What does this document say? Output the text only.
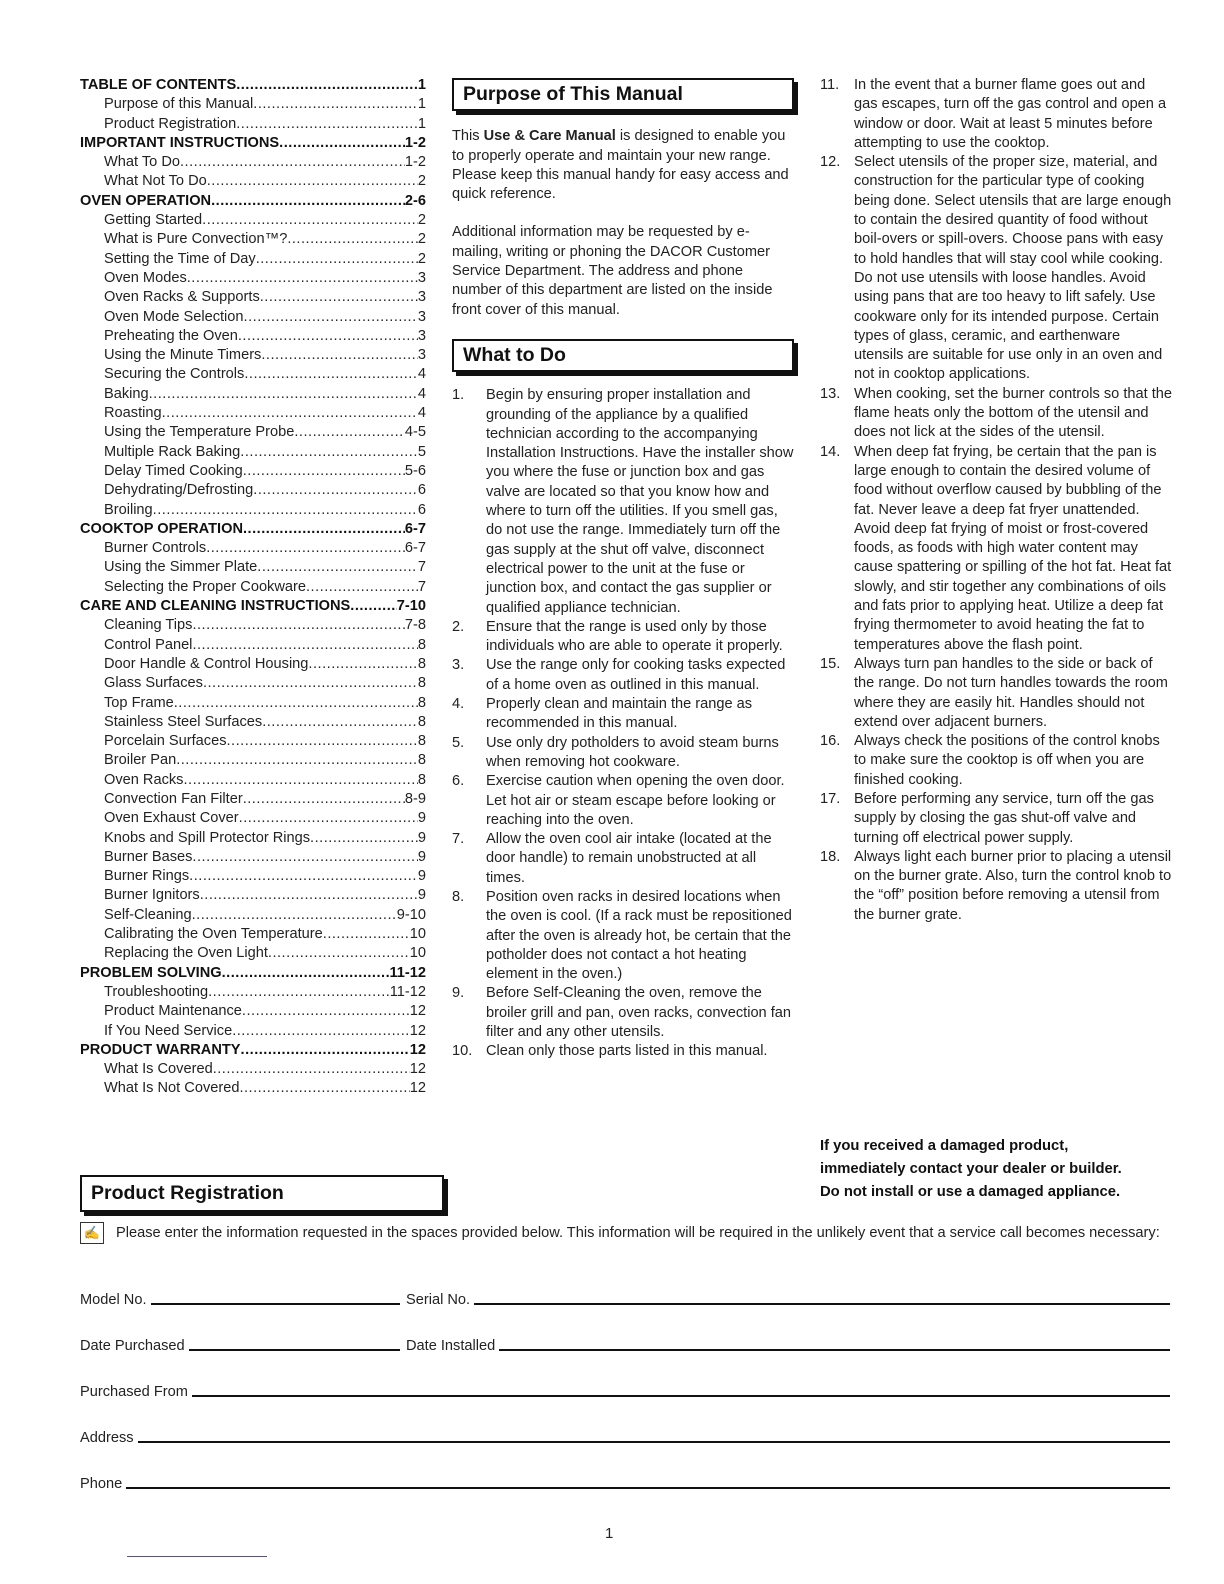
TABLE OF CONTENTS .....	1
Purpose of this Manual .....	1
Product Registration .....	1
IMPORTANT INSTRUCTIONS .....	1-2
What To Do .....	1-2
What Not To Do .....	2
OVEN OPERATION .....	2-6
Getting Started .....	2
What is Pure Convection™? .....	2
Setting the Time of Day .....	2
Oven Modes .....	3
Oven Racks & Supports .....	3
Oven Mode Selection .....	3
Preheating the Oven .....	3
Using the Minute Timers .....	3
Securing the Controls .....	4
Baking .....	4
Roasting .....	4
Using the Temperature Probe .....	4-5
Multiple Rack Baking .....	5
Delay Timed Cooking .....	5-6
Dehydrating/Defrosting .....	6
Broiling .....	6
COOKTOP OPERATION .....	6-7
Burner Controls .....	6-7
Using the Simmer Plate .....	7
Selecting the Proper Cookware .....	7
CARE AND CLEANING INSTRUCTIONS .....	7-10
Cleaning Tips .....	7-8
Control Panel .....	8
Door Handle & Control Housing .....	8
Glass Surfaces .....	8
Top Frame .....	8
Stainless Steel Surfaces .....	8
Porcelain Surfaces .....	8
Broiler Pan .....	8
Oven Racks .....	8
Convection Fan Filter .....	8-9
Oven Exhaust Cover .....	9
Knobs and Spill Protector Rings .....	9
Burner Bases .....	9
Burner Rings .....	9
Burner Ignitors .....	9
Self-Cleaning .....	9-10
Calibrating the Oven Temperature .....	10
Replacing the Oven Light .....	10
PROBLEM SOLVING .....	11-12
Troubleshooting .....	11-12
Product Maintenance .....	12
If You Need Service .....	12
PRODUCT WARRANTY .....	12
What Is Covered .....	12
What Is Not Covered .....	12
Purpose of This Manual

This Use & Care Manual is designed to enable you to properly operate and maintain your new range. Please keep this manual handy for easy access and quick reference.

Additional information may be requested by e-mailing, writing or phoning the DACOR Customer Service Department. The address and phone number of this department are listed on the inside front cover of this manual.

What to Do
1.	Begin by ensuring proper installation and grounding of the appliance by a qualified technician according to the accompanying Installation Instructions. Have the installer show you where the fuse or junction box and gas valve are located so that you know how and where to turn off the utilities. If you smell gas, do not use the range. Immediately turn off the gas supply at the shut off valve, disconnect electrical power to the unit at the fuse or junction box, and contact the gas supplier or qualified appliance technician.
2.	Ensure that the range is used only by those individuals who are able to operate it properly.
3.	Use the range only for cooking tasks expected of a home oven as outlined in this manual.
4.	Properly clean and maintain the range as recommended in this manual.
5.	Use only dry potholders to avoid steam burns when removing hot cookware.
6.	Exercise caution when opening the oven door. Let hot air or steam escape before looking or reaching into the oven.
7.	Allow the oven cool air intake (located at the door handle) to remain unobstructed at all times.
8.	Position oven racks in desired locations when the oven is cool. (If a rack must be repositioned after the oven is already hot, be certain that the potholder does not contact a hot heating element in the oven.)
9.	Before Self-Cleaning the oven, remove the broiler grill and pan, oven racks, convection fan filter and any other utensils.
10. Clean only those parts listed in this manual.
11.	In the event that a burner flame goes out and gas escapes, turn off the gas control and open a window or door. Wait at least 5 minutes before attempting to use the cooktop.
12. Select utensils of the proper size, material, and construction for the particular type of cooking being done. Select utensils that are large enough to contain the desired quantity of food without boil-overs or spill-overs. Choose pans with easy to hold handles that will stay cool while cooking. Do not use utensils with loose handles. Avoid using pans that are too heavy to lift safely. Use cookware only for its intended purpose. Certain types of glass, ceramic, and earthenware utensils are suitable for use only in an oven and not in cooktop applications.
13. When cooking, set the burner controls so that the flame heats only the bottom of the utensil and does not lick at the sides of the utensil.
14. When deep fat frying, be certain that the pan is large enough to contain the desired volume of food without overflow caused by bubbling of the fat. Never leave a deep fat fryer unattended. Avoid deep fat frying of moist or frost-covered foods, as foods with high water content may cause spattering or spilling of the hot fat. Heat fat slowly, and stir together any combinations of oils and fats prior to applying heat. Utilize a deep fat frying thermometer to avoid heating the fat to temperatures above the flash point.
15. Always turn pan handles to the side or back of the range. Do not turn handles towards the room where they are easily hit. Handles should not extend over adjacent burners.
16. Always check the positions of the control knobs to make sure the cooktop is off when you are finished cooking.
17. Before performing any service, turn off the gas supply by closing the gas shut-off valve and turning off electrical power supply.
18. Always light each burner prior to placing a utensil on the burner grate. Also, turn the control knob to the “off” position before removing a utensil from the burner grate.
If you received a damaged product,
immediately contact your dealer or builder.
Do not install or use a damaged appliance.
Product Registration
✍ Please enter the information requested in the spaces provided below. This information will be required in the unlikely event that a service call becomes necessary:
Model No.	Serial No.
Date Purchased	Date Installed
Purchased From
Address
Phone
1
